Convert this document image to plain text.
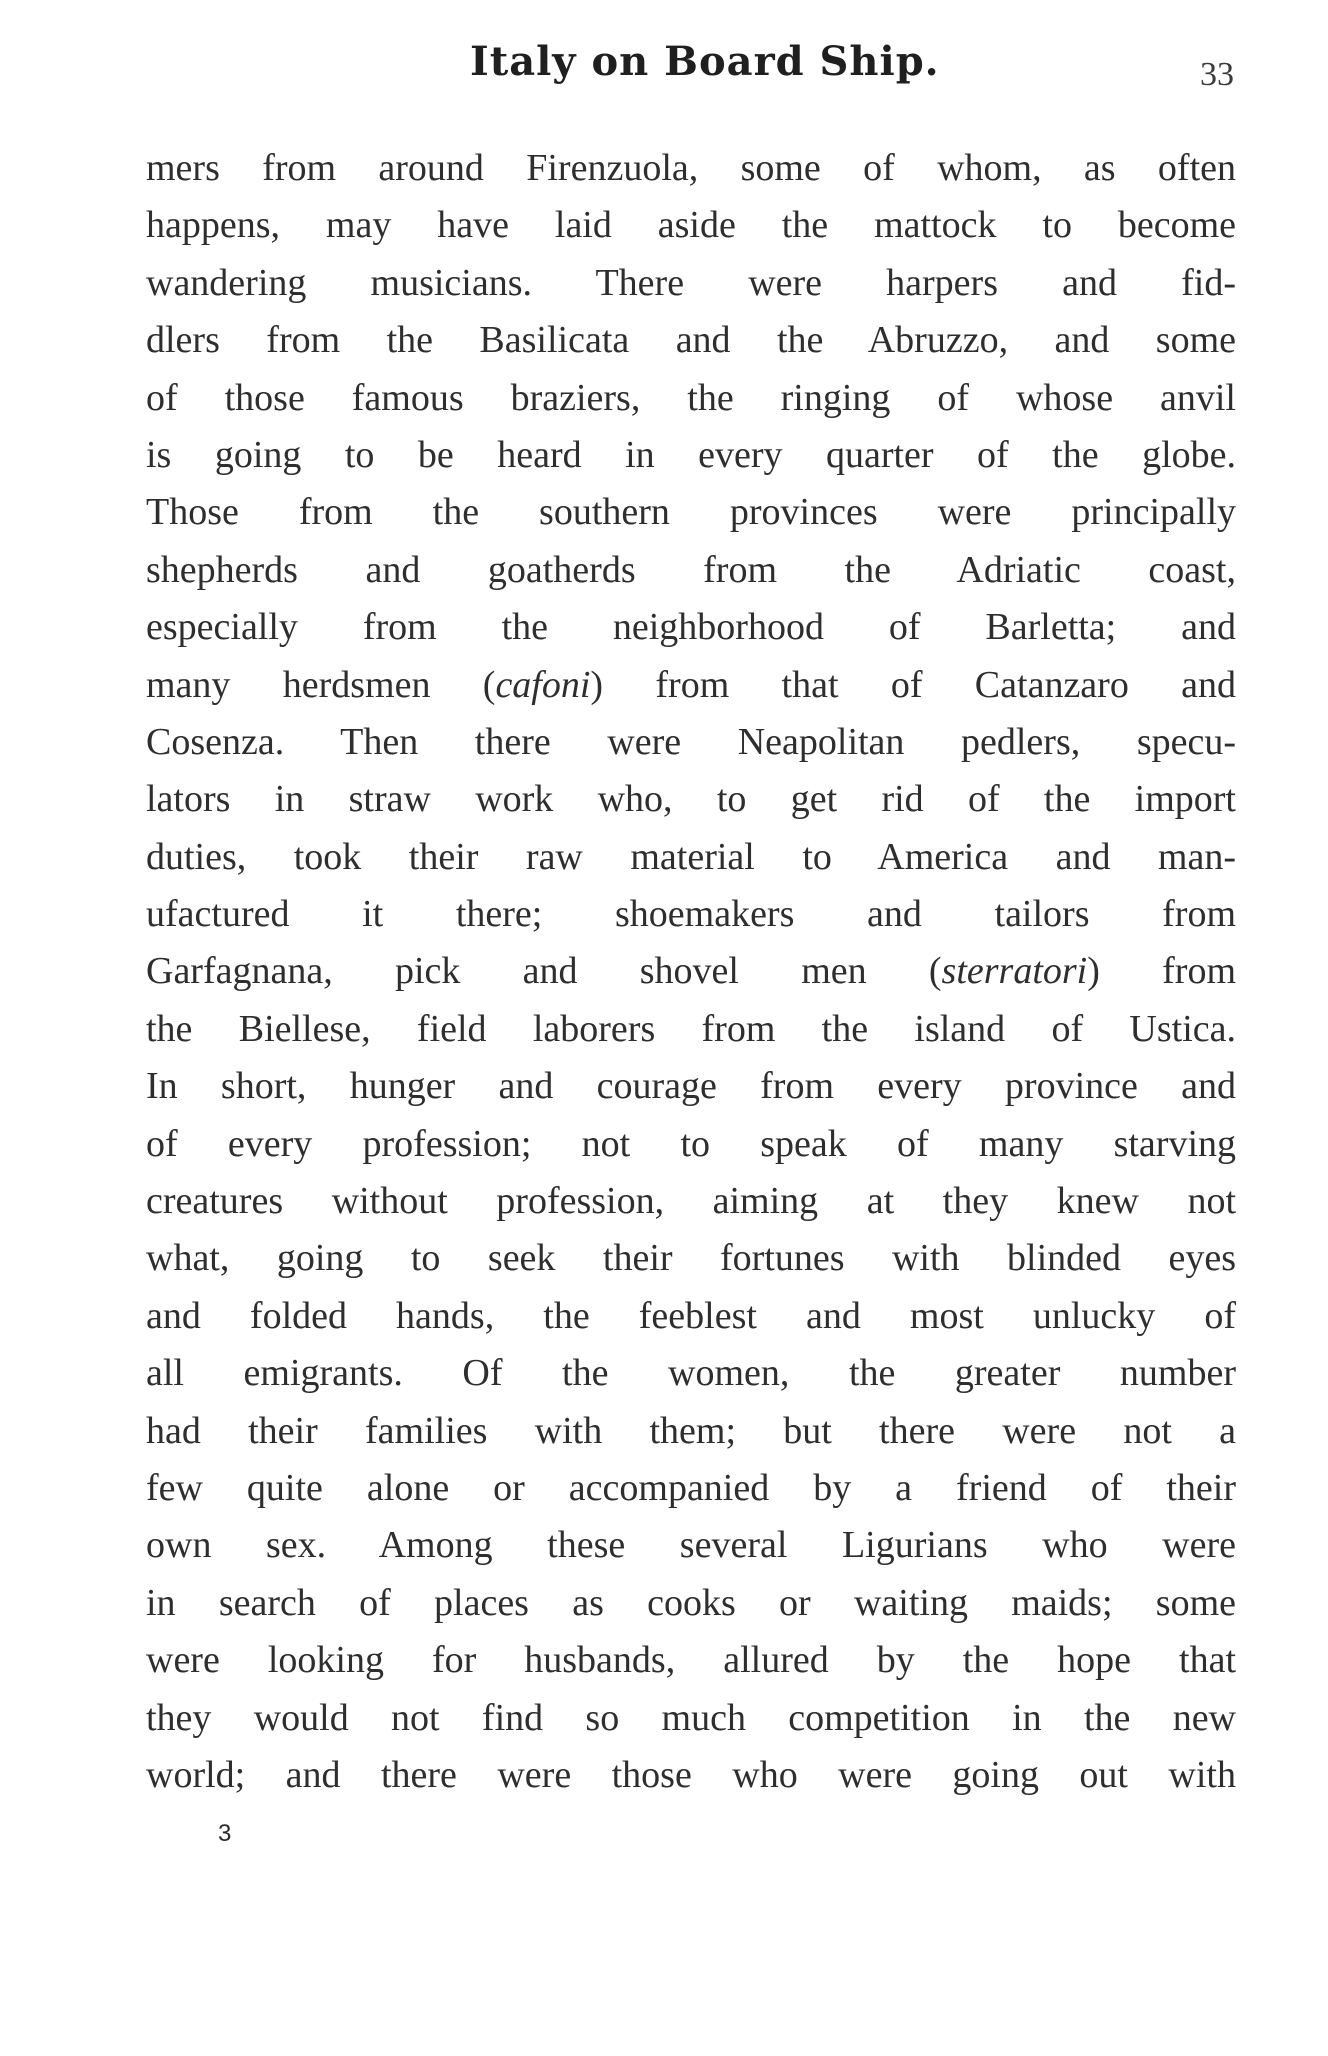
Italy on Board Ship.	33
mers from around Firenzuola, some of whom, as often
happens, may have laid aside the mattock to become
wandering musicians. There were harpers and fid-
dlers from the Basilicata and the Abruzzo, and some
of those famous braziers, the ringing of whose anvil
is going to be heard in every quarter of the globe.
Those from the southern provinces were principally
shepherds and goatherds from the Adriatic coast,
especially from the neighborhood of Barletta; and
many herdsmen (cafoni) from that of Catanzaro and
Cosenza. Then there were Neapolitan pedlers, specu-
lators in straw work who, to get rid of the import
duties, took their raw material to America and man-
ufactured it there; shoemakers and tailors from
Garfagnana, pick and shovel men (sterratori) from
the Biellese, field laborers from the island of Ustica.
In short, hunger and courage from every province and
of every profession; not to speak of many starving
creatures without profession, aiming at they knew not
what, going to seek their fortunes with blinded eyes
and folded hands, the feeblest and most unlucky of
all emigrants. Of the women, the greater number
had their families with them; but there were not a
few quite alone or accompanied by a friend of their
own sex. Among these several Ligurians who were
in search of places as cooks or waiting maids; some
were looking for husbands, allured by the hope that
they would not find so much competition in the new
world; and there were those who were going out with
3
